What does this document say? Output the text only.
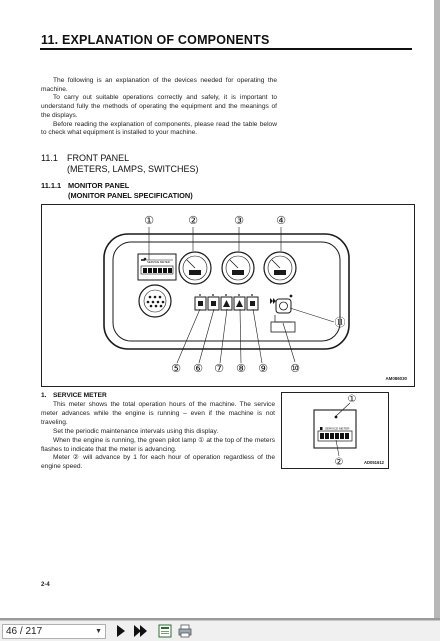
11. EXPLANATION OF COMPONENTS

The following is an explanation of the devices needed for operating the machine.

To carry out suitable operations correctly and safely, it is important to understand fully the methods of operating the equipment and the meanings of the displays.

Before reading the explanation of components, please read the table below to check what equipment is installed to your machine.

11.1 FRONT PANEL
(METERS, LAMPS, SWITCHES)
11.1.1 MONITOR PANEL
(MONITOR PANEL SPECIFICATION)
SERVICE METER
①	②	③	④
⑤ ⑥ ⑦ ⑧ ⑨ ⑩
⑪
AM086030
1. SERVICE METER

This meter shows the total operation hours of the machine. The service meter advances while the engine is running – even if the machine is not traveling.

Set the periodic maintenance intervals using this display.

When the engine is running, the green pilot lamp ① at the top of the meters flashes to indicate that the meter is advancing.

Meter ② will advance by 1 for each hour of operation regardless of the engine speed.

SERVICE METER
①
②	AD051612
2-4
46 / 217	▼
